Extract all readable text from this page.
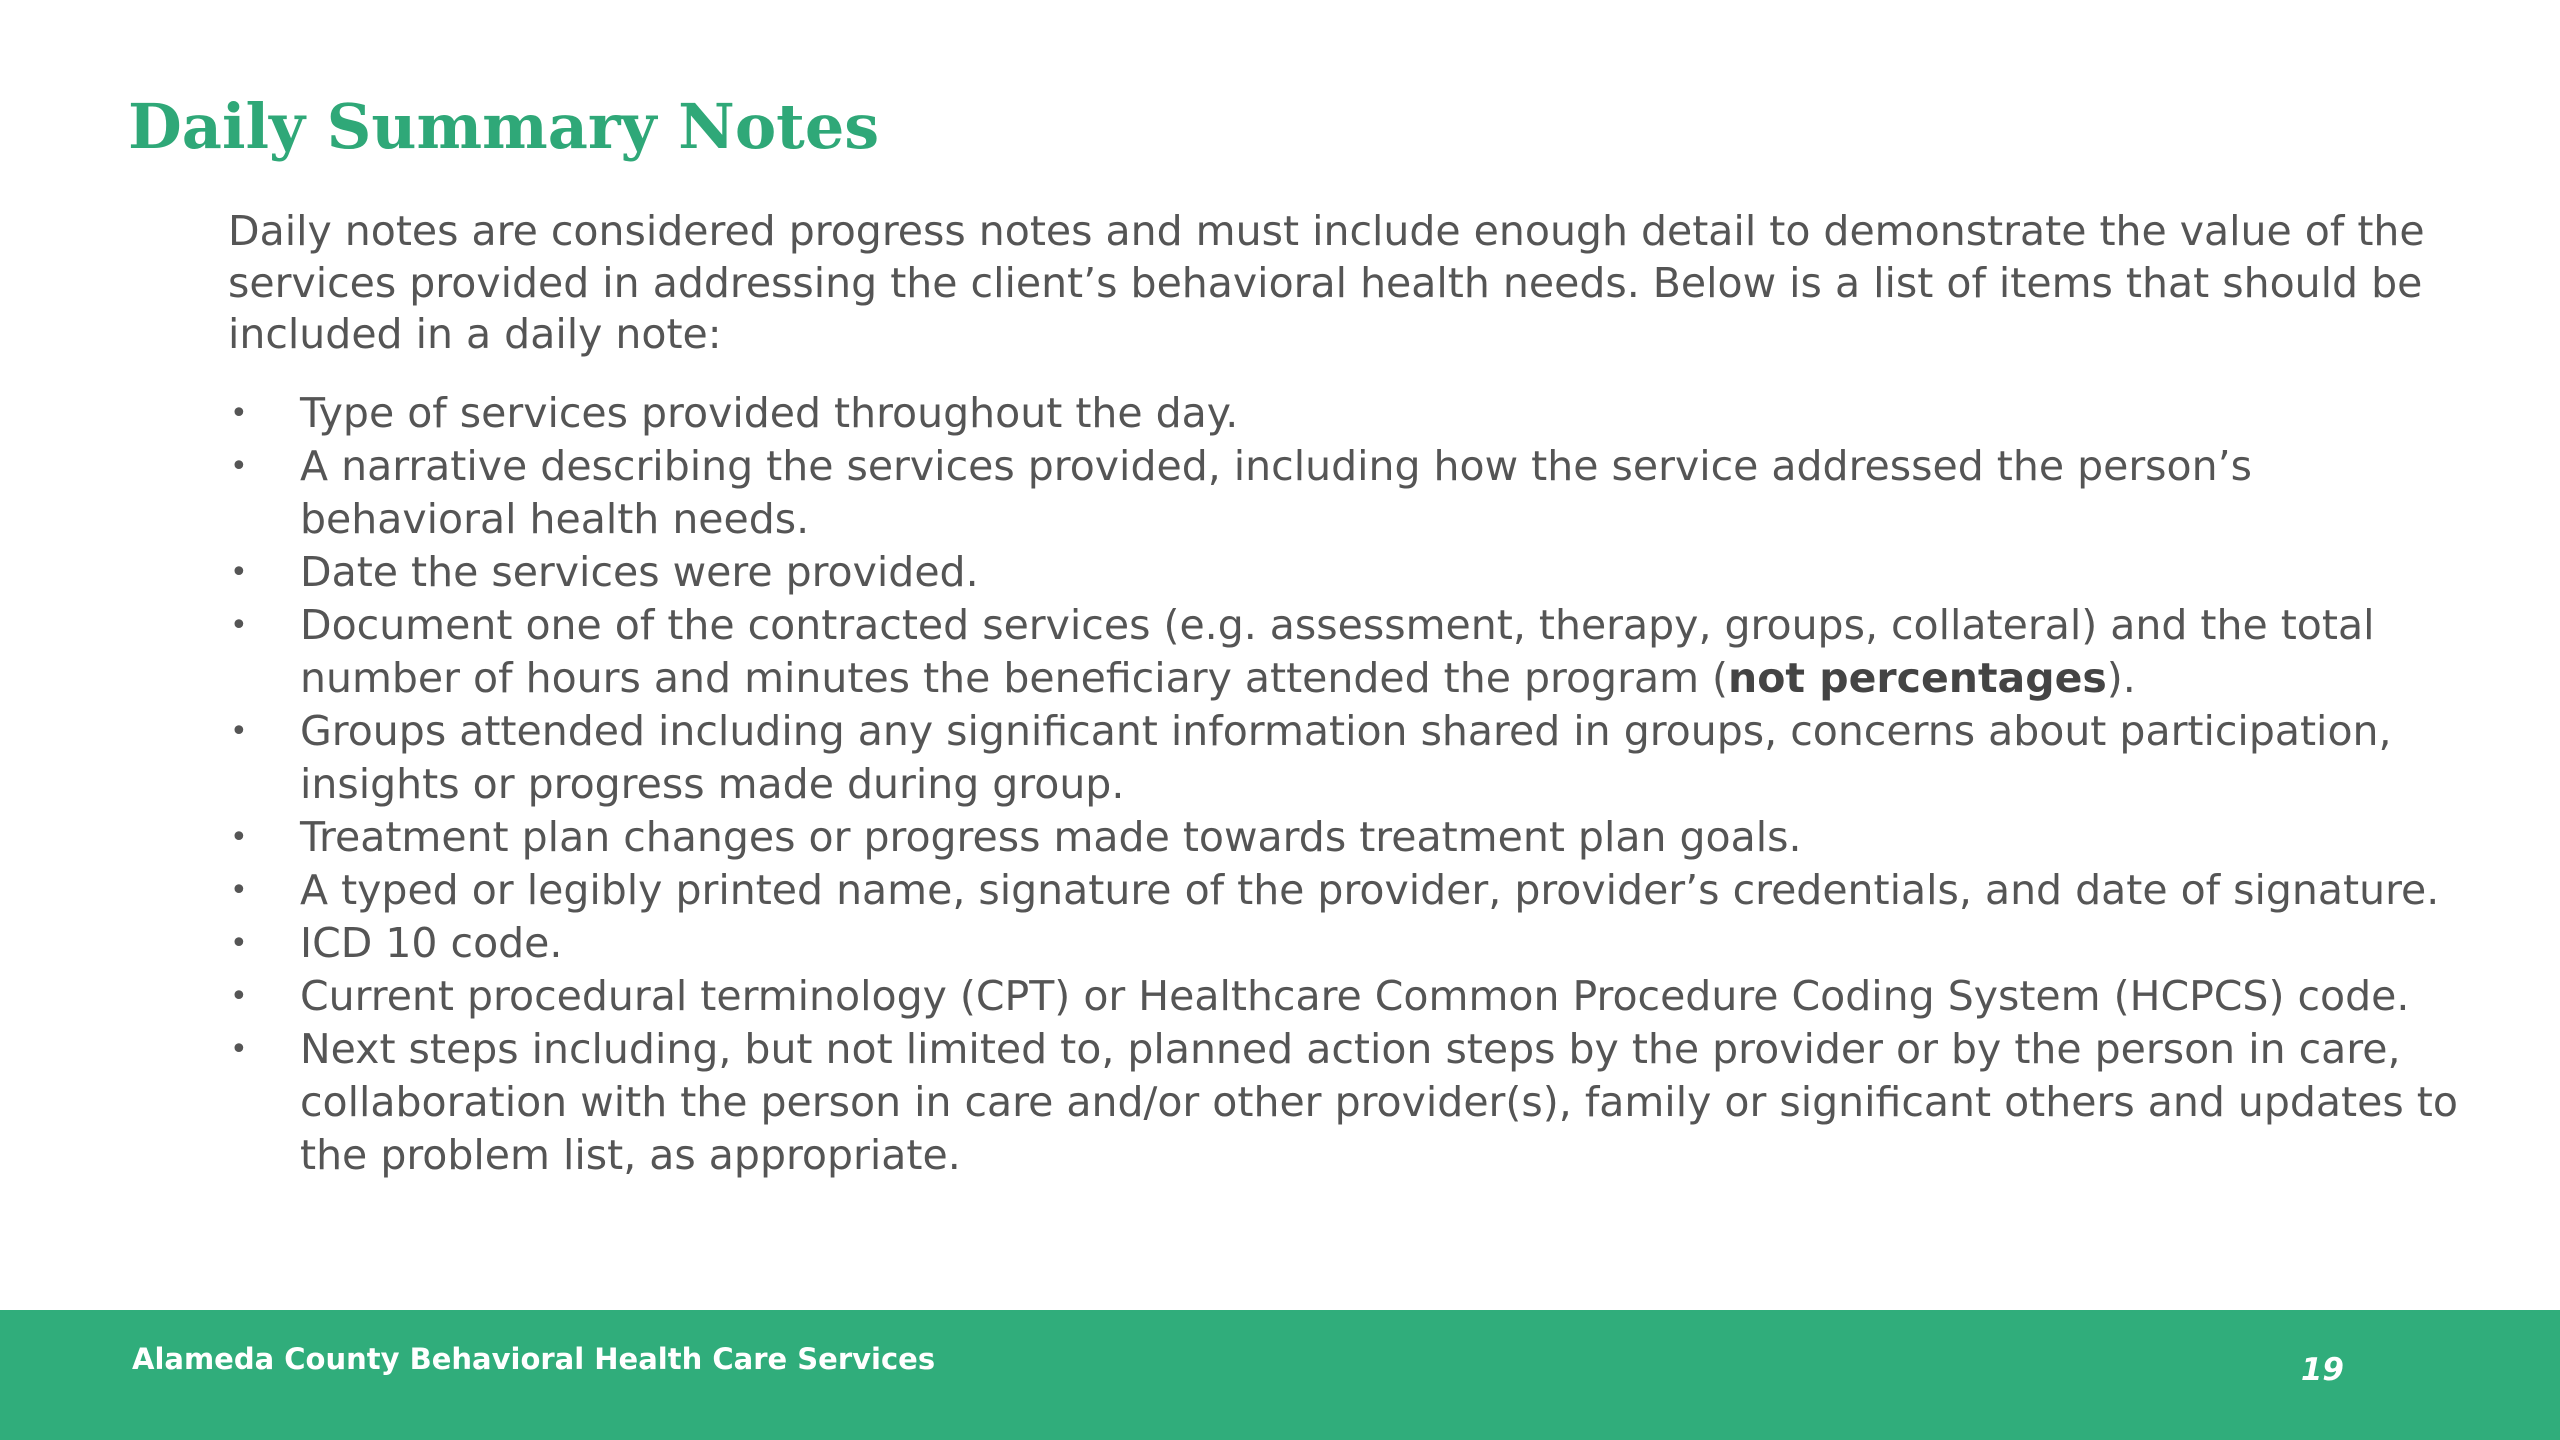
Daily Summary Notes

Daily notes are considered progress notes and must include enough detail to demonstrate the value of the services provided in addressing the client’s behavioral health needs. Below is a list of items that should be included in a daily note:

• Type of services provided throughout the day.
• A narrative describing the services provided, including how the service addressed the person’s behavioral health needs.
• Date the services were provided.
• Document one of the contracted services (e.g. assessment, therapy, groups, collateral) and the total number of hours and minutes the beneficiary attended the program (not percentages).
• Groups attended including any significant information shared in groups, concerns about participation, insights or progress made during group.
• Treatment plan changes or progress made towards treatment plan goals.
• A typed or legibly printed name, signature of the provider, provider’s credentials, and date of signature.
• ICD 10 code.
• Current procedural terminology (CPT) or Healthcare Common Procedure Coding System (HCPCS) code.
• Next steps including, but not limited to, planned action steps by the provider or by the person in care, collaboration with the person in care and/or other provider(s), family or significant others and updates to the problem list, as appropriate.
Alameda County Behavioral Health Care Services	19
